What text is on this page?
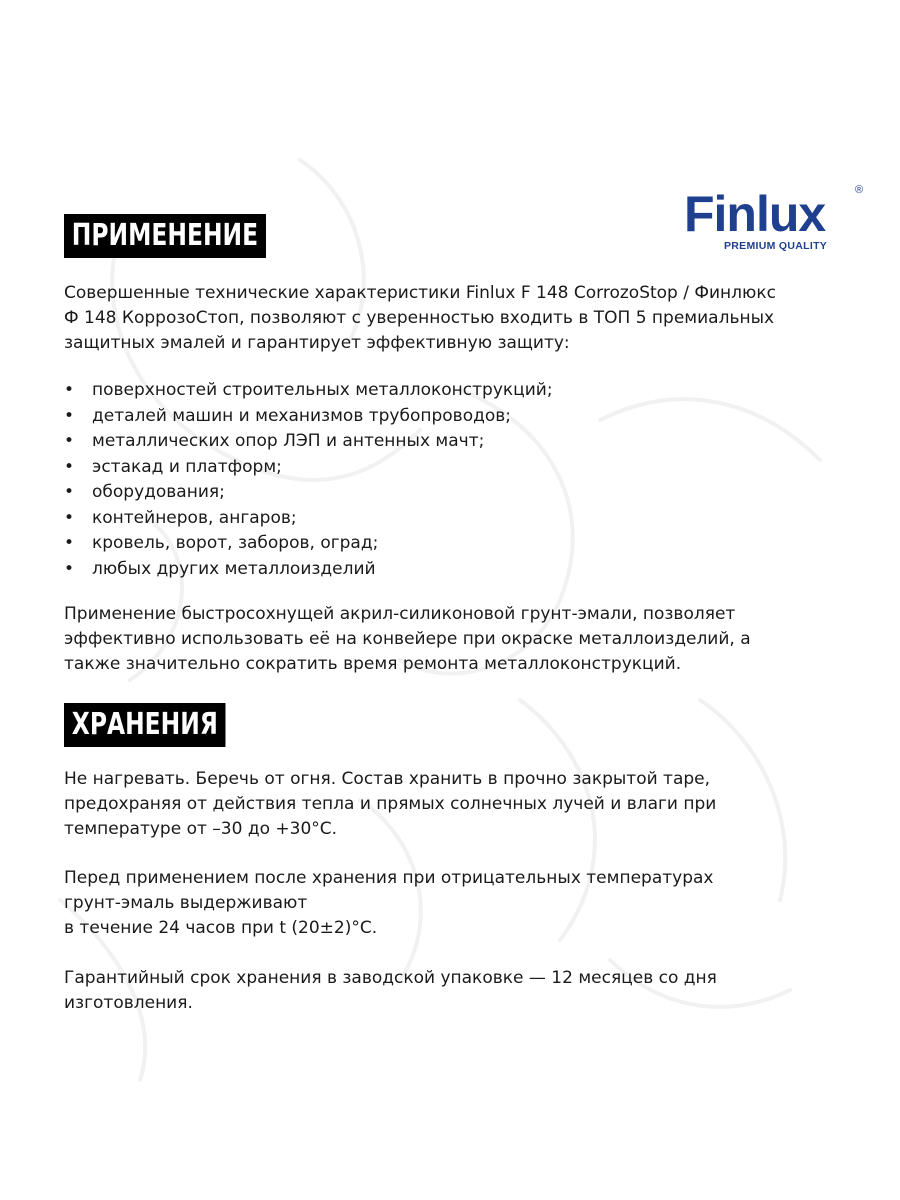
Finlux	®
PREMIUM QUALITY
ПРИМЕНЕНИЕ
Совершенные технические характеристики Finlux F 148 CorrozoStop / Финлюкс
Ф 148 КоррозоСтоп, позволяют с уверенностью входить в ТОП 5 премиальных
защитных эмалей и гарантирует эффективную защиту:
• поверхностей строительных металлоконструкций;
• деталей машин и механизмов трубопроводов;
• металлических опор ЛЭП и антенных мачт;
• эстакад и платформ;
• оборудования;
• контейнеров, ангаров;
• кровель, ворот, заборов, оград;
• любых других металлоизделий
Применение быстросохнущей акрил-силиконовой грунт-эмали, позволяет
эффективно использовать её на конвейере при окраске металлоизделий, а
также значительно сократить время ремонта металлоконструкций.
ХРАНЕНИЯ
Не нагревать. Беречь от огня. Состав хранить в прочно закрытой таре,
предохраняя от действия тепла и прямых солнечных лучей и влаги при
температуре от –30 до +30°С.
Перед применением после хранения при отрицательных температурах
грунт-эмаль выдерживают
в течение 24 часов при t (20±2)°С.
Гарантийный срок хранения в заводской упаковке — 12 месяцев со дня
изготовления.
